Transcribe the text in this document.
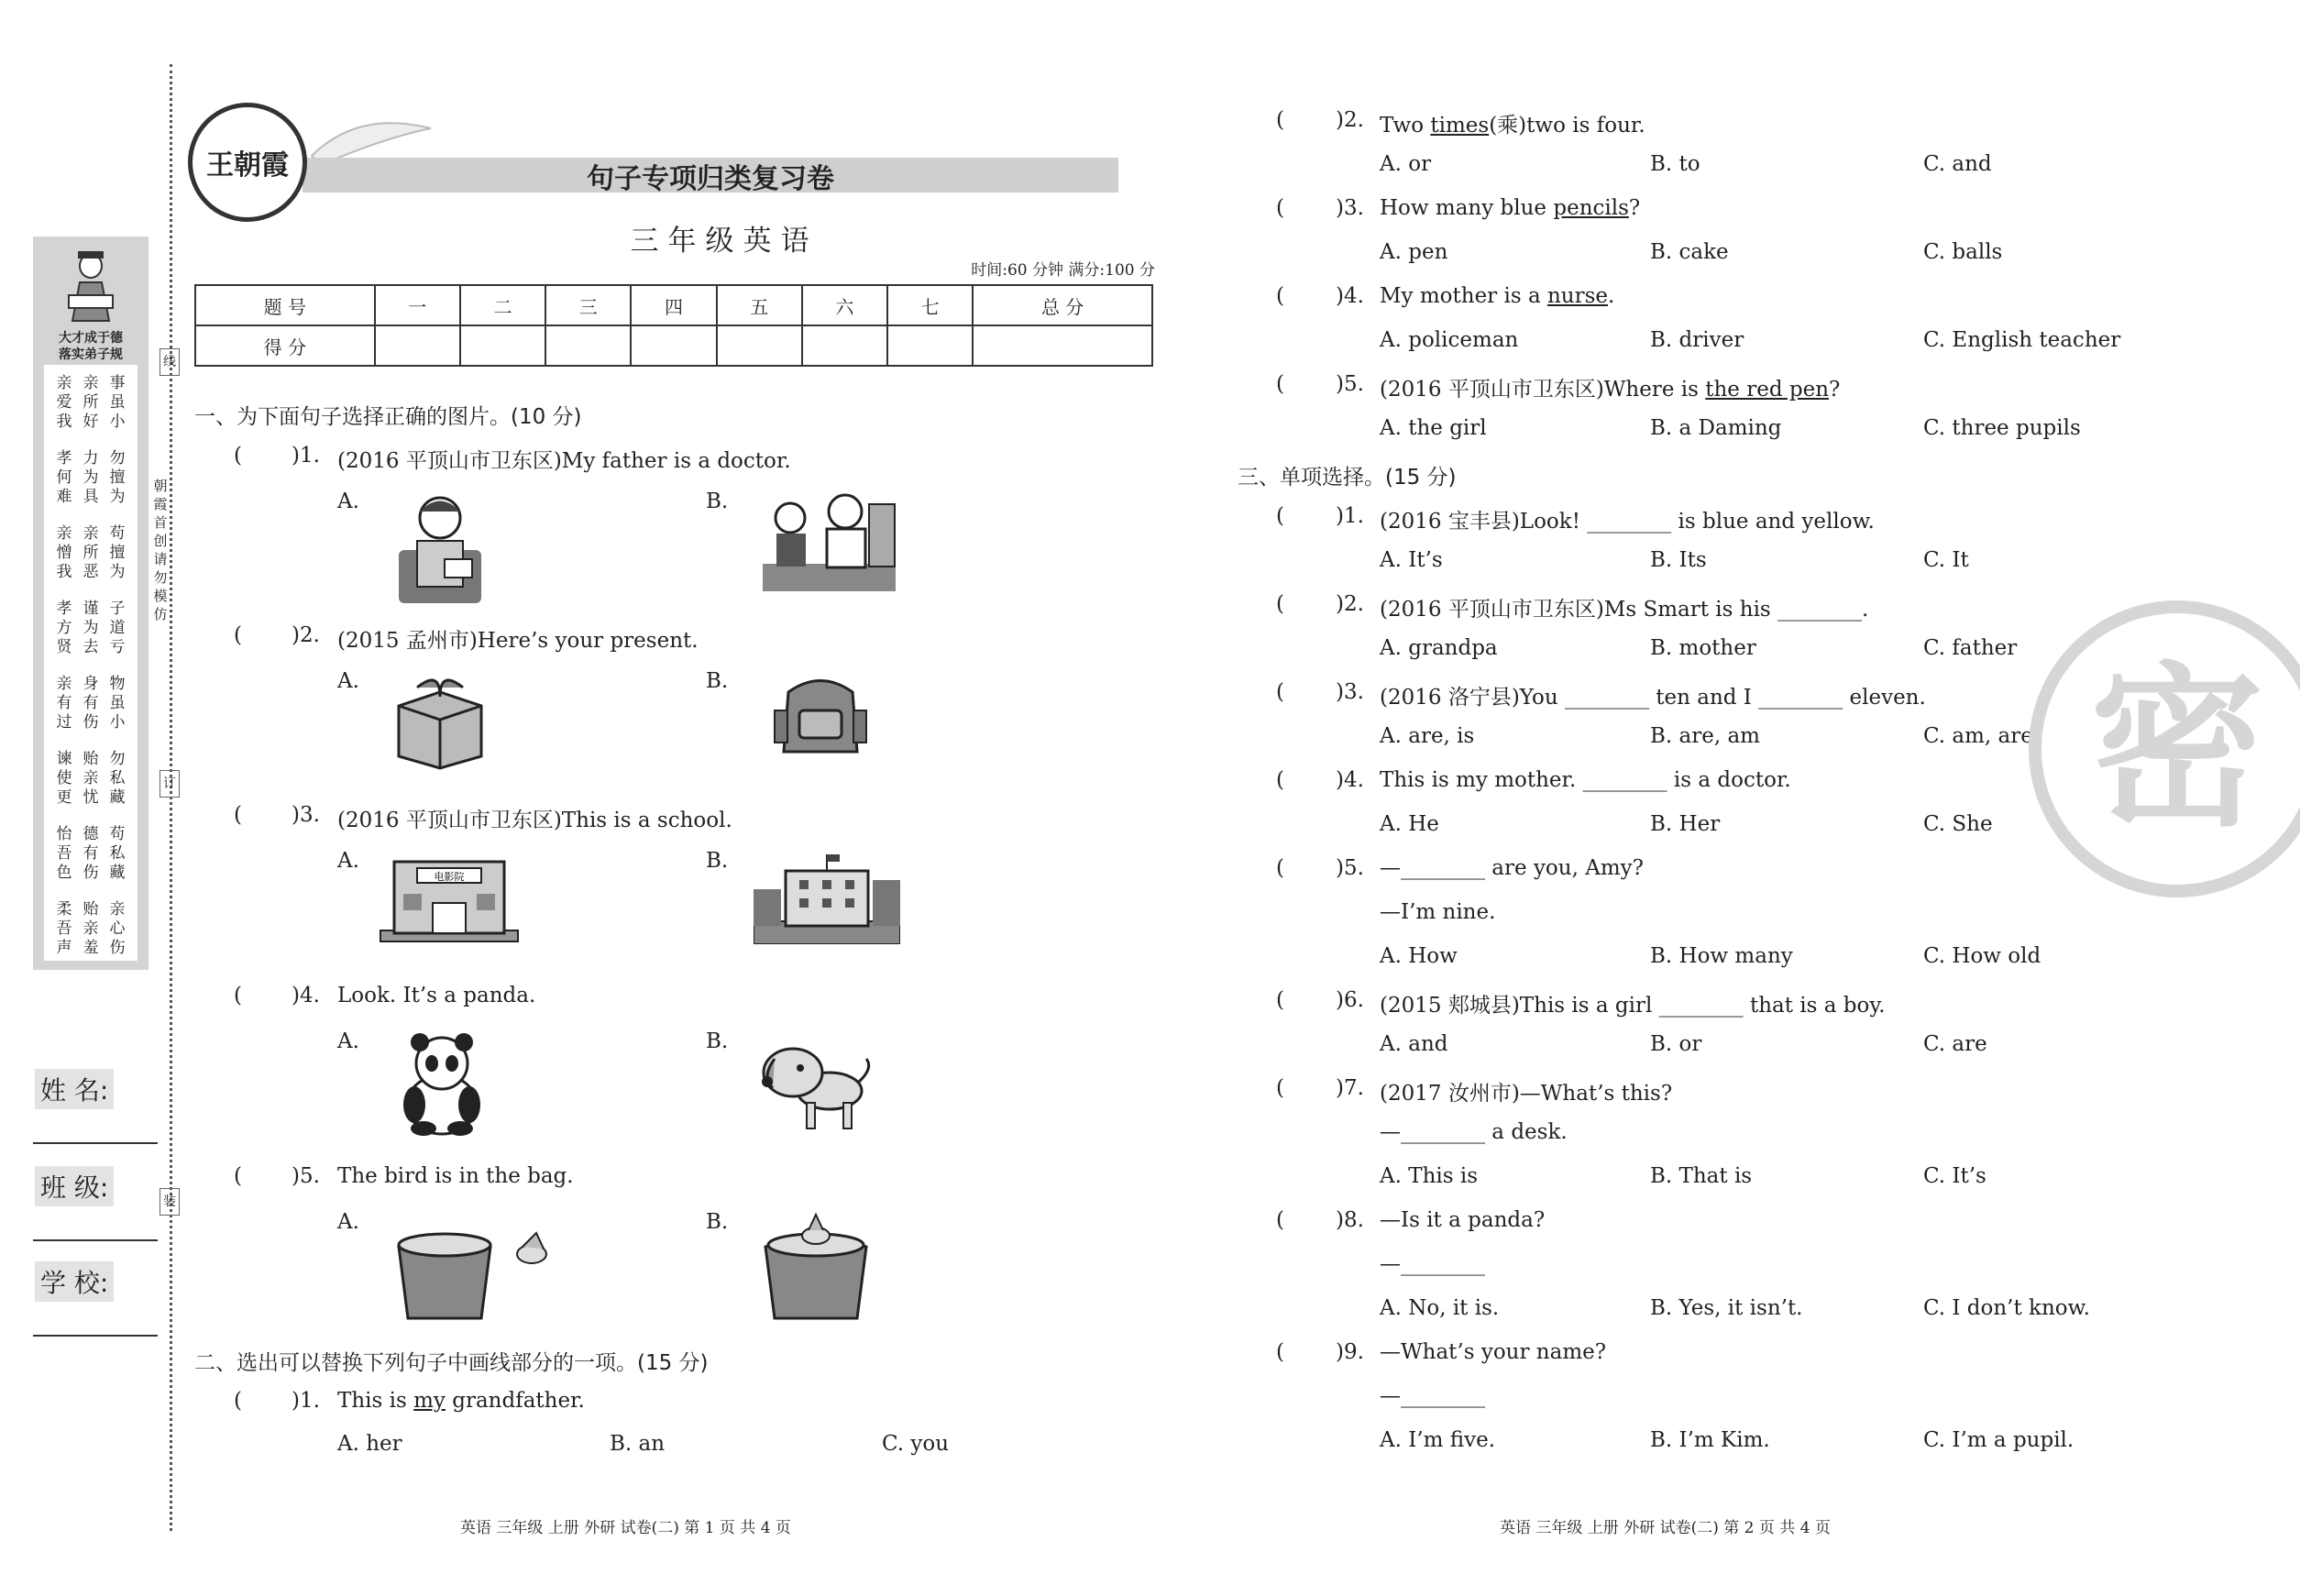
大才成于德
落实弟子规
亲爱我
亲所好
事虽小
孝何难
力为具
勿擅为
亲憎我
亲所恶
苟擅为
孝方贤
谨为去
子道亏
亲有过
身有伤
物虽小
谏使更
贻亲忧
勿私藏
怡吾色
德有伤
苟私藏
柔吾声
贻亲羞
亲心伤
线
朝霞首创 请勿模仿
订
装
姓 名:
班 级:
学 校:
句子专项归类复习卷
王朝霞
三年级英语
时间:60 分钟 满分:100 分
题 号	一	二	三	四	五	六	七	总 分
得 分								
一、为下面句子选择正确的图片。(10 分)
( )1. (2016 平顶山市卫东区)My father is a doctor.
A.	B.
( )2. (2015 孟州市)Here’s your present.
A.	B.
( )3. (2016 平顶山市卫东区)This is a school.
A.	B.
电影院
( )4. Look. It’s a panda.
A.	B.
( )5. The bird is in the bag.
A.	B.
二、选出可以替换下列句子中画线部分的一项。(15 分)
( )1. This is my grandfather.
A. her	B. an	C. you
英语 三年级 上册 外研 试卷(二) 第 1 页 共 4 页
( )2. Two times(乘)two is four.
A. or	B. to	C. and
( )3. How many blue pencils?
A. pen	B. cake	C. balls
( )4. My mother is a nurse.
A. policeman	B. driver	C. English teacher
( )5. (2016 平顶山市卫东区)Where is the red pen?
A. the girl	B. a Daming	C. three pupils
三、单项选择。(15 分)
( )1. (2016 宝丰县)Look! ________ is blue and yellow.
A. It’s	B. Its	C. It
( )2. (2016 平顶山市卫东区)Ms Smart is his ________.
A. grandpa	B. mother	C. father
( )3. (2016 洛宁县)You ________ ten and I ________ eleven.
A. are, is	B. are, am	C. am, are
( )4. This is my mother. ________ is a doctor.
A. He	B. Her	C. She
( )5. —________ are you, Amy?
—I’m nine.
A. How	B. How many	C. How old
( )6. (2015 郏城县)This is a girl ________ that is a boy.
A. and	B. or	C. are
( )7. (2017 汝州市)—What’s this?
—________ a desk.
A. This is	B. That is	C. It’s
( )8. —Is it a panda?
—________
A. No, it is.	B. Yes, it isn’t.	C. I don’t know.
( )9. —What’s your name?
—________
A. I’m five.	B. I’m Kim.	C. I’m a pupil.
英语 三年级 上册 外研 试卷(二) 第 2 页 共 4 页
密
